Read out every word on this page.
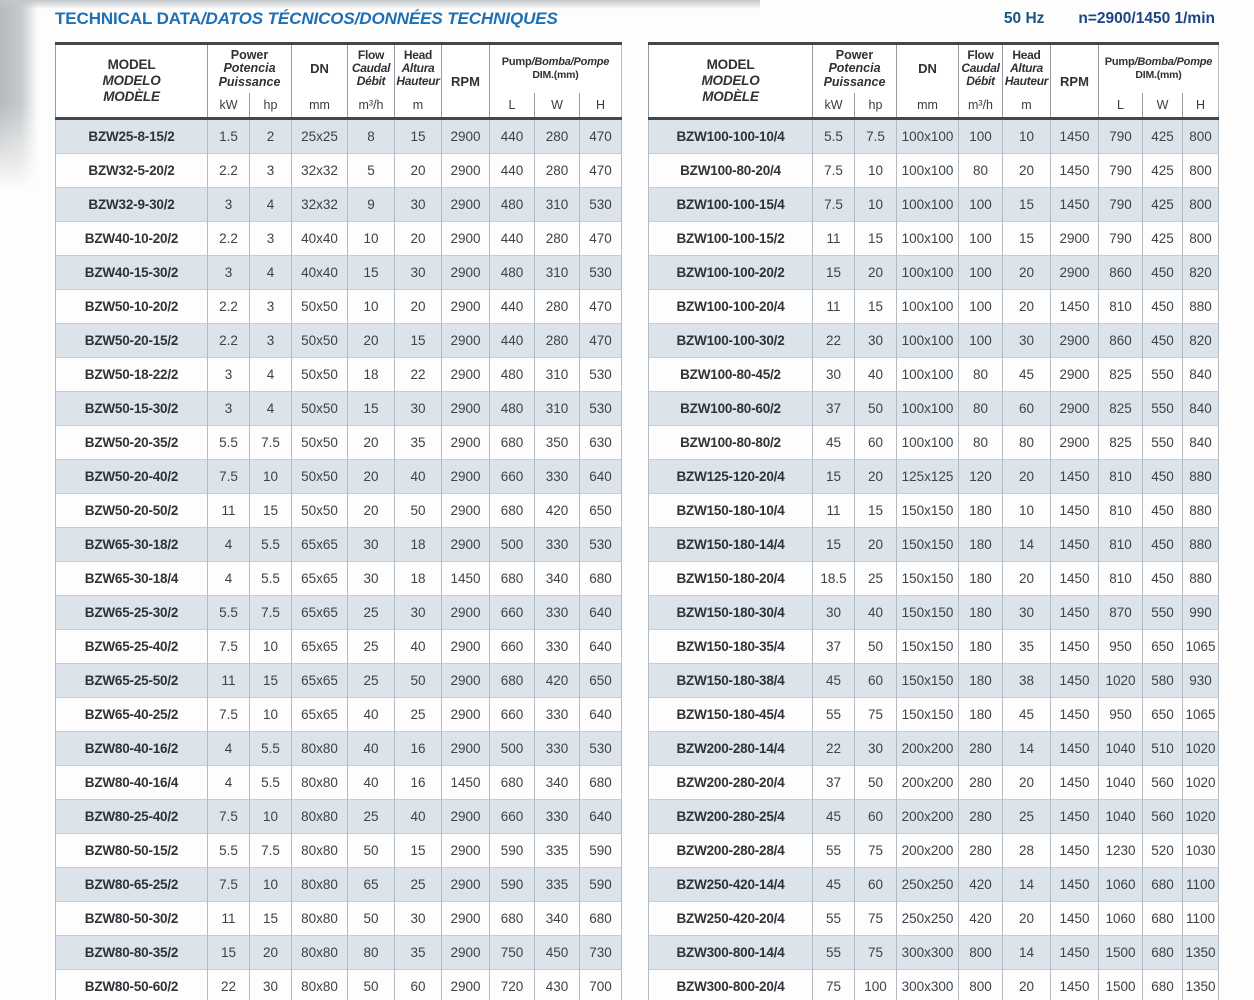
TECHNICAL DATA/DATOS TÉCNICOS/DONNÉES TECHNIQUES	50 Hz n=2900/1450 1/min
MODEL
MODELO
MODÈLE

Power
Potencia
Puissance
	DN	
Flow
Caudal
Débit

Head
Altura
Hauteur	RPM	
Pump/Bomba/Pompe
DIM.(mm)

	kW	hp	mm	m³/h	m		L	W	H
BZW25-8-15/2	1.5	2	25x25	8	15	2900	440	280	470
BZW32-5-20/2	2.2	3	32x32	5	20	2900	440	280	470
BZW32-9-30/2	3	4	32x32	9	30	2900	480	310	530
BZW40-10-20/2	2.2	3	40x40	10	20	2900	440	280	470
BZW40-15-30/2	3	4	40x40	15	30	2900	480	310	530
BZW50-10-20/2	2.2	3	50x50	10	20	2900	440	280	470
BZW50-20-15/2	2.2	3	50x50	20	15	2900	440	280	470
BZW50-18-22/2	3	4	50x50	18	22	2900	480	310	530
BZW50-15-30/2	3	4	50x50	15	30	2900	480	310	530
BZW50-20-35/2	5.5	7.5	50x50	20	35	2900	680	350	630
BZW50-20-40/2	7.5	10	50x50	20	40	2900	660	330	640
BZW50-20-50/2	11	15	50x50	20	50	2900	680	420	650
BZW65-30-18/2	4	5.5	65x65	30	18	2900	500	330	530
BZW65-30-18/4	4	5.5	65x65	30	18	1450	680	340	680
BZW65-25-30/2	5.5	7.5	65x65	25	30	2900	660	330	640
BZW65-25-40/2	7.5	10	65x65	25	40	2900	660	330	640
BZW65-25-50/2	11	15	65x65	25	50	2900	680	420	650
BZW65-40-25/2	7.5	10	65x65	40	25	2900	660	330	640
BZW80-40-16/2	4	5.5	80x80	40	16	2900	500	330	530
BZW80-40-16/4	4	5.5	80x80	40	16	1450	680	340	680
BZW80-25-40/2	7.5	10	80x80	25	40	2900	660	330	640
BZW80-50-15/2	5.5	7.5	80x80	50	15	2900	590	335	590
BZW80-65-25/2	7.5	10	80x80	65	25	2900	590	335	590
BZW80-50-30/2	11	15	80x80	50	30	2900	680	340	680
BZW80-80-35/2	15	20	80x80	80	35	2900	750	450	730
BZW80-50-60/2	22	30	80x80	50	60	2900	720	430	700
MODEL
MODELO
MODÈLE

Power
Potencia
Puissance
	DN	
Flow
Caudal
Débit

Head
Altura
Hauteur	RPM	
Pump/Bomba/Pompe
DIM.(mm)

	kW	hp	mm	m³/h	m		L	W	H
BZW100-100-10/4	5.5	7.5	100x100	100	10	1450	790	425	800
BZW100-80-20/4	7.5	10	100x100	80	20	1450	790	425	800
BZW100-100-15/4	7.5	10	100x100	100	15	1450	790	425	800
BZW100-100-15/2	11	15	100x100	100	15	2900	790	425	800
BZW100-100-20/2	15	20	100x100	100	20	2900	860	450	820
BZW100-100-20/4	11	15	100x100	100	20	1450	810	450	880
BZW100-100-30/2	22	30	100x100	100	30	2900	860	450	820
BZW100-80-45/2	30	40	100x100	80	45	2900	825	550	840
BZW100-80-60/2	37	50	100x100	80	60	2900	825	550	840
BZW100-80-80/2	45	60	100x100	80	80	2900	825	550	840
BZW125-120-20/4	15	20	125x125	120	20	1450	810	450	880
BZW150-180-10/4	11	15	150x150	180	10	1450	810	450	880
BZW150-180-14/4	15	20	150x150	180	14	1450	810	450	880
BZW150-180-20/4	18.5	25	150x150	180	20	1450	810	450	880
BZW150-180-30/4	30	40	150x150	180	30	1450	870	550	990
BZW150-180-35/4	37	50	150x150	180	35	1450	950	650	1065
BZW150-180-38/4	45	60	150x150	180	38	1450	1020	580	930
BZW150-180-45/4	55	75	150x150	180	45	1450	950	650	1065
BZW200-280-14/4	22	30	200x200	280	14	1450	1040	510	1020
BZW200-280-20/4	37	50	200x200	280	20	1450	1040	560	1020
BZW200-280-25/4	45	60	200x200	280	25	1450	1040	560	1020
BZW200-280-28/4	55	75	200x200	280	28	1450	1230	520	1030
BZW250-420-14/4	45	60	250x250	420	14	1450	1060	680	1100
BZW250-420-20/4	55	75	250x250	420	20	1450	1060	680	1100
BZW300-800-14/4	55	75	300x300	800	14	1450	1500	680	1350
BZW300-800-20/4	75	100	300x300	800	20	1450	1500	680	1350
